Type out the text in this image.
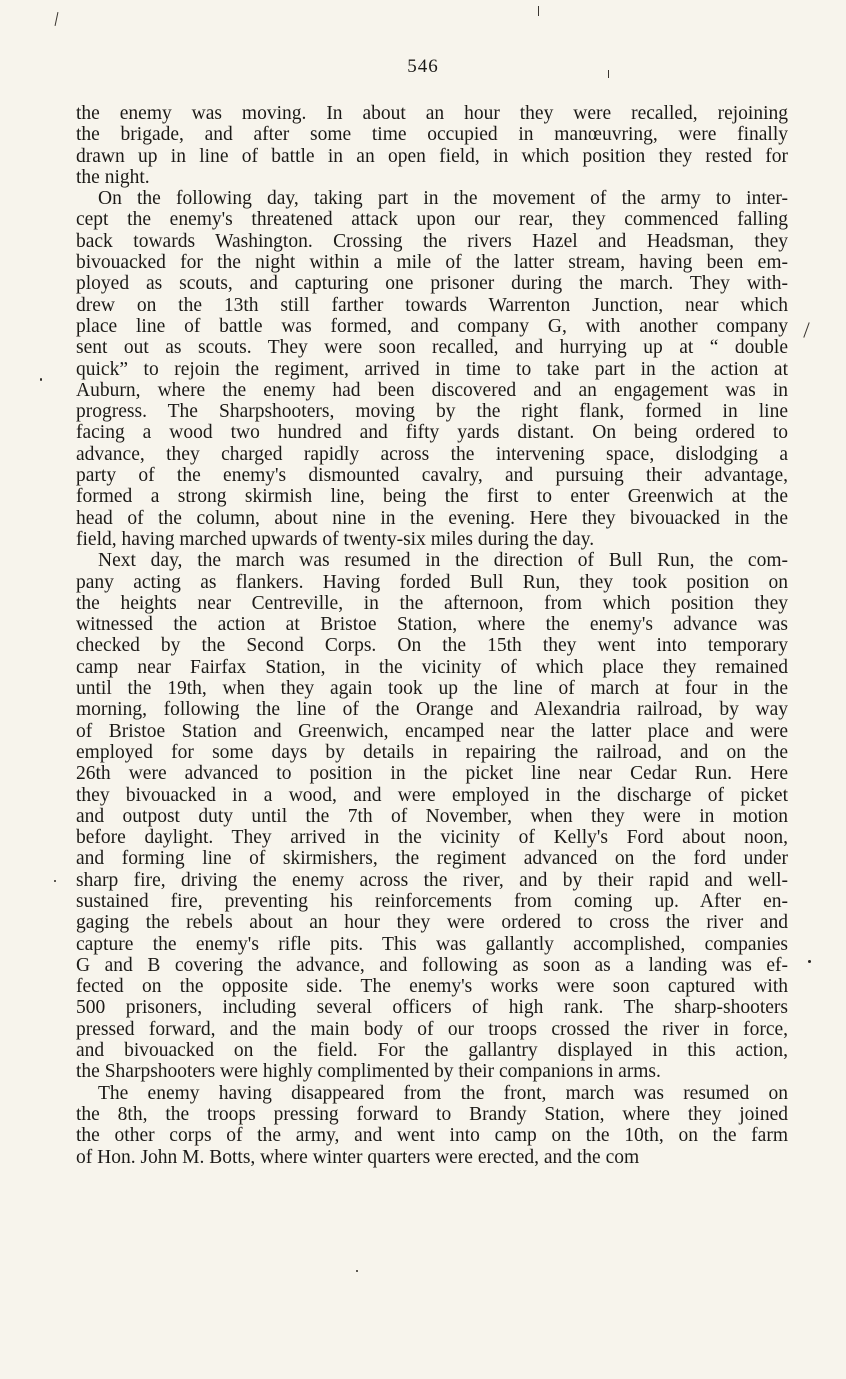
546
the enemy was moving. In about an hour they were recalled, rejoining
the brigade, and after some time occupied in manœuvring, were finally
drawn up in line of battle in an open field, in which position they rested for
the night.
On the following day, taking part in the movement of the army to inter-
cept the enemy's threatened attack upon our rear, they commenced falling
back towards Washington. Crossing the rivers Hazel and Headsman, they
bivouacked for the night within a mile of the latter stream, having been em-
ployed as scouts, and capturing one prisoner during the march. They with-
drew on the 13th still farther towards Warrenton Junction, near which
place line of battle was formed, and company G, with another company
sent out as scouts. They were soon recalled, and hurrying up at “ double
quick” to rejoin the regiment, arrived in time to take part in the action at
Auburn, where the enemy had been discovered and an engagement was in
progress. The Sharpshooters, moving by the right flank, formed in line
facing a wood two hundred and fifty yards distant. On being ordered to
advance, they charged rapidly across the intervening space, dislodging a
party of the enemy's dismounted cavalry, and pursuing their advantage,
formed a strong skirmish line, being the first to enter Greenwich at the
head of the column, about nine in the evening. Here they bivouacked in the
field, having marched upwards of twenty-six miles during the day.
Next day, the march was resumed in the direction of Bull Run, the com-
pany acting as flankers. Having forded Bull Run, they took position on
the heights near Centreville, in the afternoon, from which position they
witnessed the action at Bristoe Station, where the enemy's advance was
checked by the Second Corps. On the 15th they went into temporary
camp near Fairfax Station, in the vicinity of which place they remained
until the 19th, when they again took up the line of march at four in the
morning, following the line of the Orange and Alexandria railroad, by way
of Bristoe Station and Greenwich, encamped near the latter place and were
employed for some days by details in repairing the railroad, and on the
26th were advanced to position in the picket line near Cedar Run. Here
they bivouacked in a wood, and were employed in the discharge of picket
and outpost duty until the 7th of November, when they were in motion
before daylight. They arrived in the vicinity of Kelly's Ford about noon,
and forming line of skirmishers, the regiment advanced on the ford under
sharp fire, driving the enemy across the river, and by their rapid and well-
sustained fire, preventing his reinforcements from coming up. After en-
gaging the rebels about an hour they were ordered to cross the river and
capture the enemy's rifle pits. This was gallantly accomplished, companies
G and B covering the advance, and following as soon as a landing was ef-
fected on the opposite side. The enemy's works were soon captured with
500 prisoners, including several officers of high rank. The sharp-shooters
pressed forward, and the main body of our troops crossed the river in force,
and bivouacked on the field. For the gallantry displayed in this action,
the Sharpshooters were highly complimented by their companions in arms.
The enemy having disappeared from the front, march was resumed on
the 8th, the troops pressing forward to Brandy Station, where they joined
the other corps of the army, and went into camp on the 10th, on the farm
of Hon. John M. Botts, where winter quarters were erected, and the com
